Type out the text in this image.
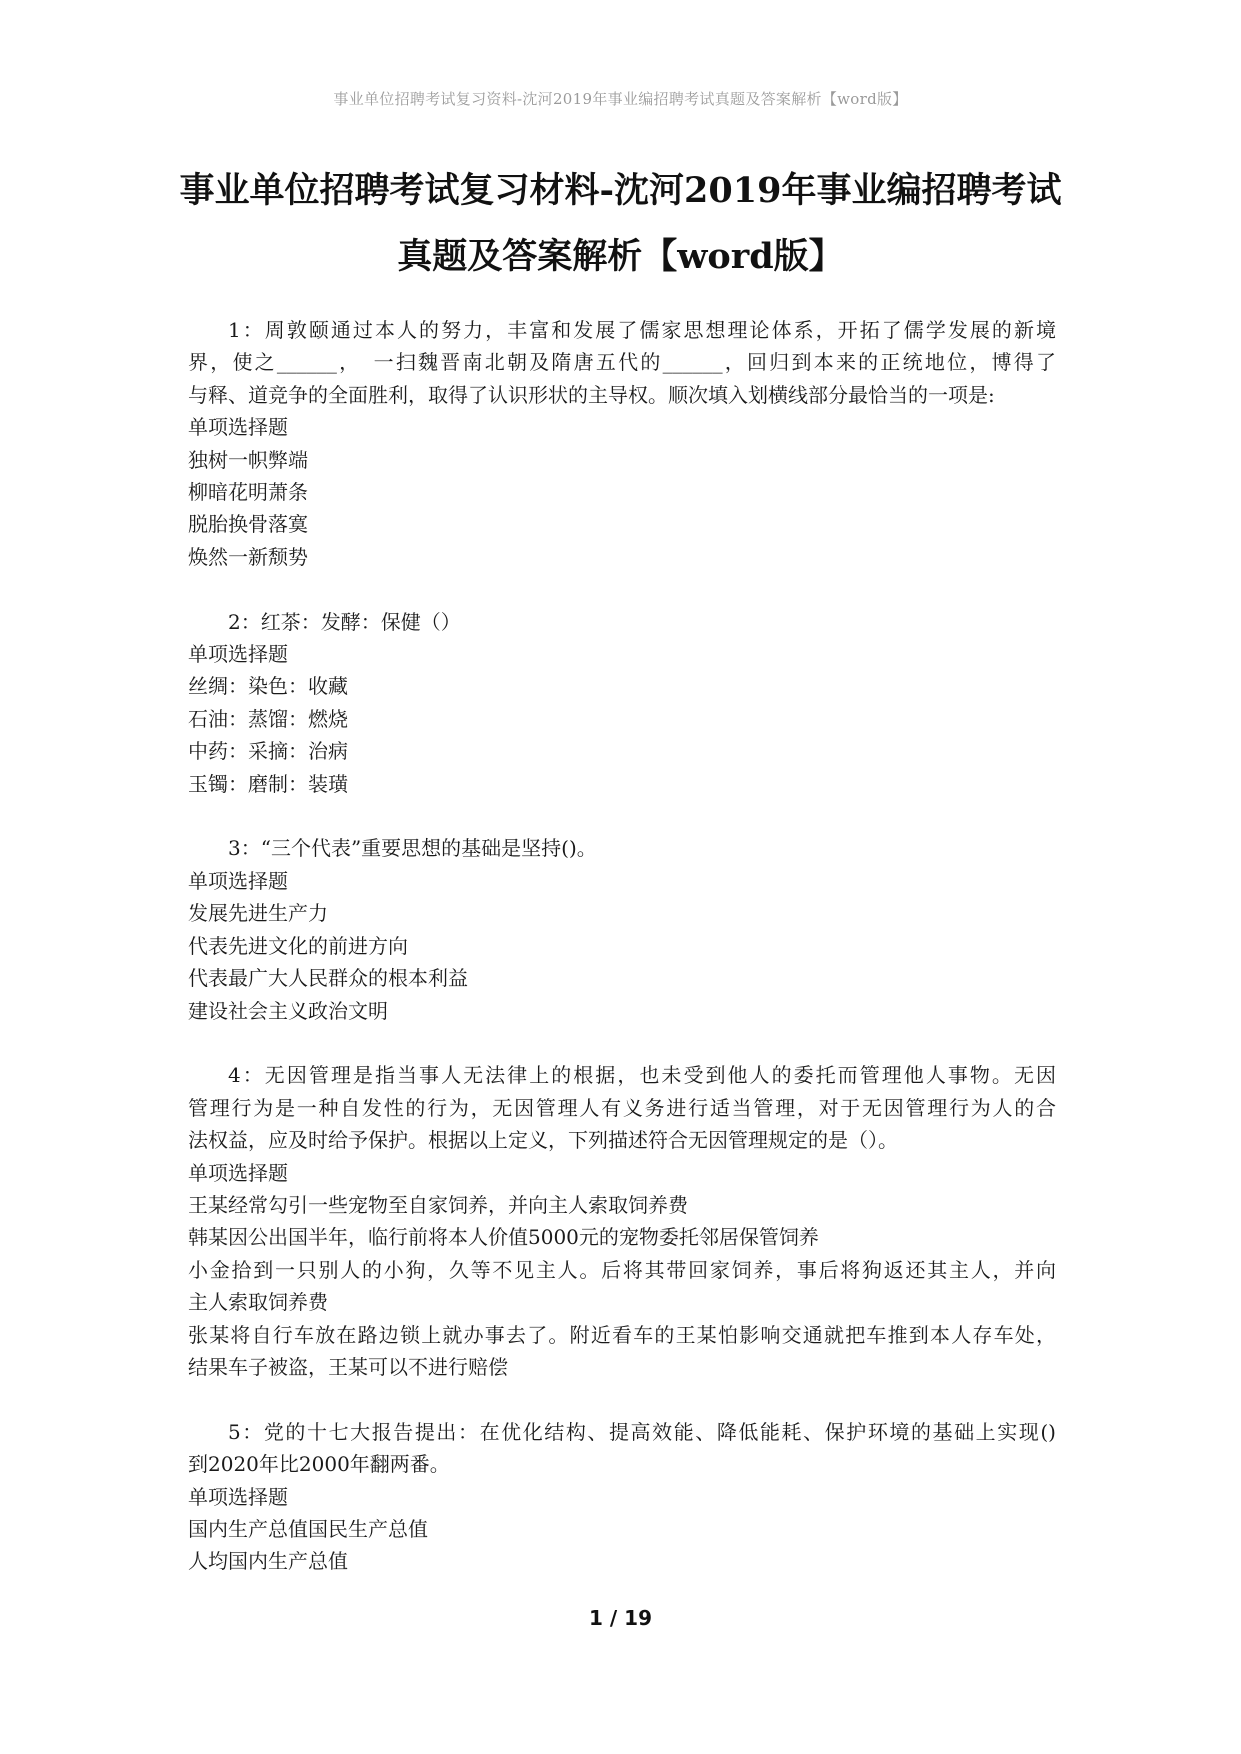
事业单位招聘考试复习资料-沈河2019年事业编招聘考试真题及答案解析【word版】
事业单位招聘考试复习材料-沈河2019年事业编招聘考试
真题及答案解析【word版】
1：周敦颐通过本人的努力，丰富和发展了儒家思想理论体系，开拓了儒学发展的新境
界，使之______，　一扫魏晋南北朝及隋唐五代的______，回归到本来的正统地位，博得了
与释、道竞争的全面胜利，取得了认识形状的主导权。顺次填入划横线部分最恰当的一项是:
单项选择题
独树一帜弊端
柳暗花明萧条
脱胎换骨落寞
焕然一新颓势
2：红茶：发酵：保健（）
单项选择题
丝绸：染色：收藏
石油：蒸馏：燃烧
中药：采摘：治病
玉镯：磨制：装璜
3：“三个代表”重要思想的基础是坚持()。
单项选择题
发展先进生产力
代表先进文化的前进方向
代表最广大人民群众的根本利益
建设社会主义政治文明
4：无因管理是指当事人无法律上的根据，也未受到他人的委托而管理他人事物。无因
管理行为是一种自发性的行为，无因管理人有义务进行适当管理，对于无因管理行为人的合
法权益，应及时给予保护。根据以上定义，下列描述符合无因管理规定的是（）。
单项选择题
王某经常勾引一些宠物至自家饲养，并向主人索取饲养费
韩某因公出国半年，临行前将本人价值5000元的宠物委托邻居保管饲养
小金拾到一只别人的小狗，久等不见主人。后将其带回家饲养，事后将狗返还其主人，并向
主人索取饲养费
张某将自行车放在路边锁上就办事去了。附近看车的王某怕影响交通就把车推到本人存车处，
结果车子被盗，王某可以不进行赔偿
5：党的十七大报告提出：在优化结构、提高效能、降低能耗、保护环境的基础上实现()
到2020年比2000年翻两番。
单项选择题
国内生产总值国民生产总值
人均国内生产总值
1 / 19
